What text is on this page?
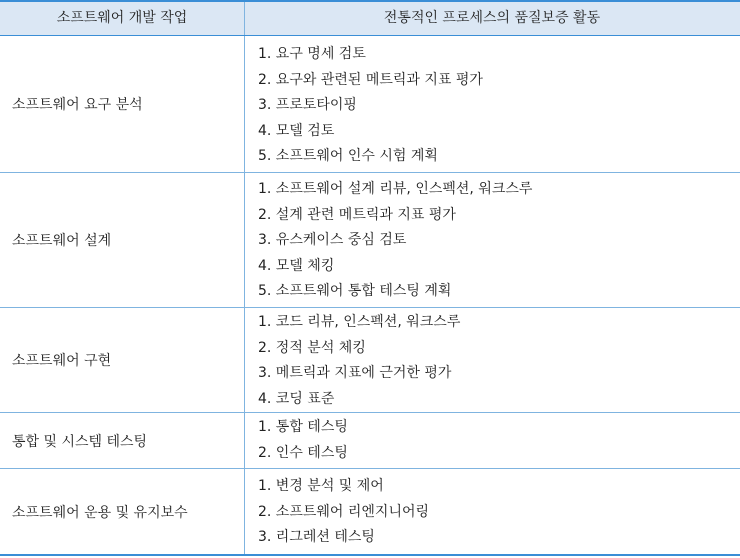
소프트웨어 개발 작업	전통적인 프로세스의 품질보증 활동
소프트웨어 요구 분석
1. 요구 명세 검토
2. 요구와 관련된 메트릭과 지표 평가
3. 프로토타이핑
4. 모델 검토
5. 소프트웨어 인수 시험 계획
소프트웨어 설계
1. 소프트웨어 설계 리뷰, 인스펙션, 워크스루
2. 설계 관련 메트릭과 지표 평가
3. 유스케이스 중심 검토
4. 모델 체킹
5. 소프트웨어 통합 테스팅 계획
소프트웨어 구현
1. 코드 리뷰, 인스펙션, 워크스루
2. 정적 분석 체킹
3. 메트릭과 지표에 근거한 평가
4. 코딩 표준
통합 및 시스템 테스팅
1. 통합 테스팅
2. 인수 테스팅
소프트웨어 운용 및 유지보수
1. 변경 분석 및 제어
2. 소프트웨어 리엔지니어링
3. 리그레션 테스팅
